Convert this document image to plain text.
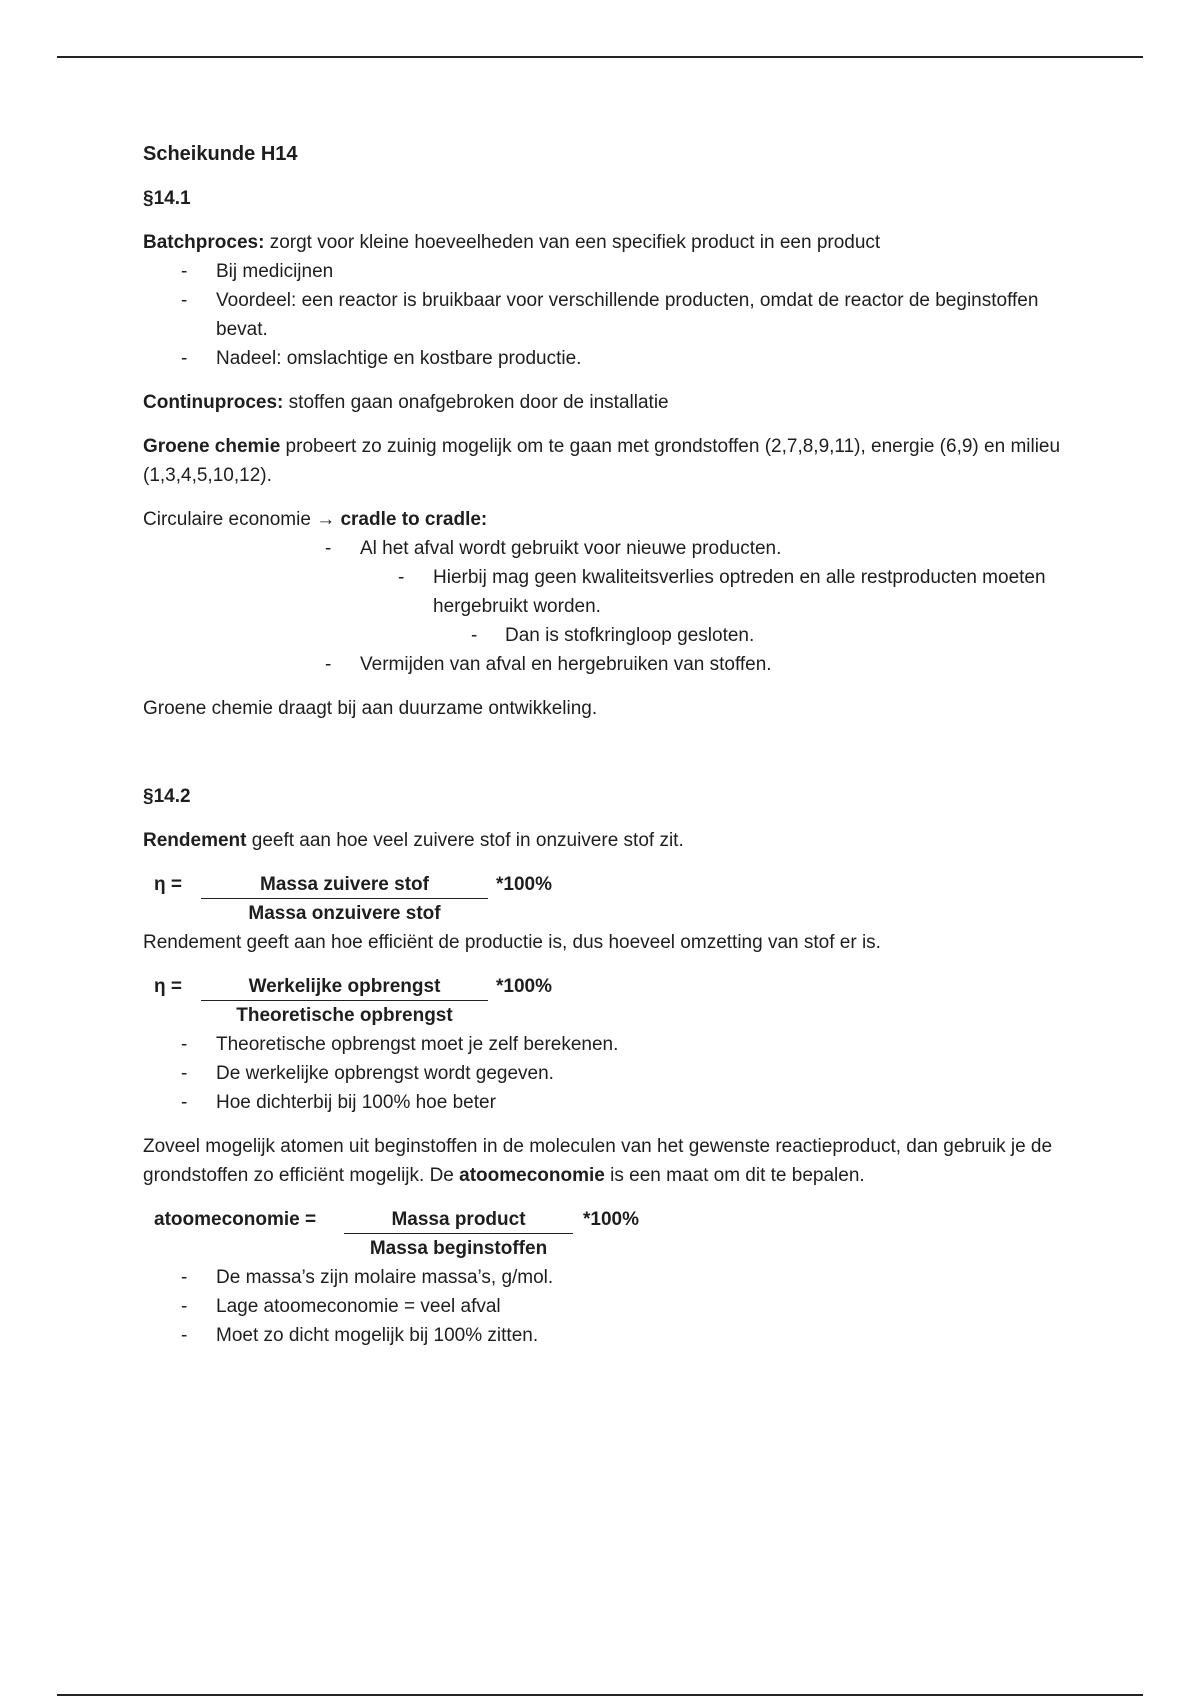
Scheikunde H14

§14.1

Batchproces: zorgt voor kleine hoeveelheden van een specifiek product in een product

- Bij medicijnen
- Voordeel: een reactor is bruikbaar voor verschillende producten, omdat de reactor de beginstoffen bevat.
- Nadeel: omslachtige en kostbare productie.

Continuproces: stoffen gaan onafgebroken door de installatie

Groene chemie probeert zo zuinig mogelijk om te gaan met grondstoffen (2,7,8,9,11), energie (6,9) en milieu (1,3,4,5,10,12).

Circulaire economie → cradle to cradle:

- Al het afval wordt gebruikt voor nieuwe producten.
- Hierbij mag geen kwaliteitsverlies optreden en alle restproducten moeten hergebruikt worden.
- Dan is stofkringloop gesloten.
- Vermijden van afval en hergebruiken van stoffen.

Groene chemie draagt bij aan duurzame ontwikkeling.

§14.2

Rendement geeft aan hoe veel zuivere stof in onzuivere stof zit.

η =	Massa zuivere stof
Massa onzuivere stof
*100%

Rendement geeft aan hoe efficiënt de productie is, dus hoeveel omzetting van stof er is.

η =	Werkelijke opbrengst
Theoretische opbrengst
*100%
- Theoretische opbrengst moet je zelf berekenen.
- De werkelijke opbrengst wordt gegeven.
- Hoe dichterbij bij 100% hoe beter

Zoveel mogelijk atomen uit beginstoffen in de moleculen van het gewenste reactieproduct, dan gebruik je de grondstoffen zo efficiënt mogelijk. De atoomeconomie is een maat om dit te bepalen.

atoomeconomie =	Massa product
Massa beginstoffen
*100%
- De massa’s zijn molaire massa’s, g/mol.
- Lage atoomeconomie = veel afval
- Moet zo dicht mogelijk bij 100% zitten.
